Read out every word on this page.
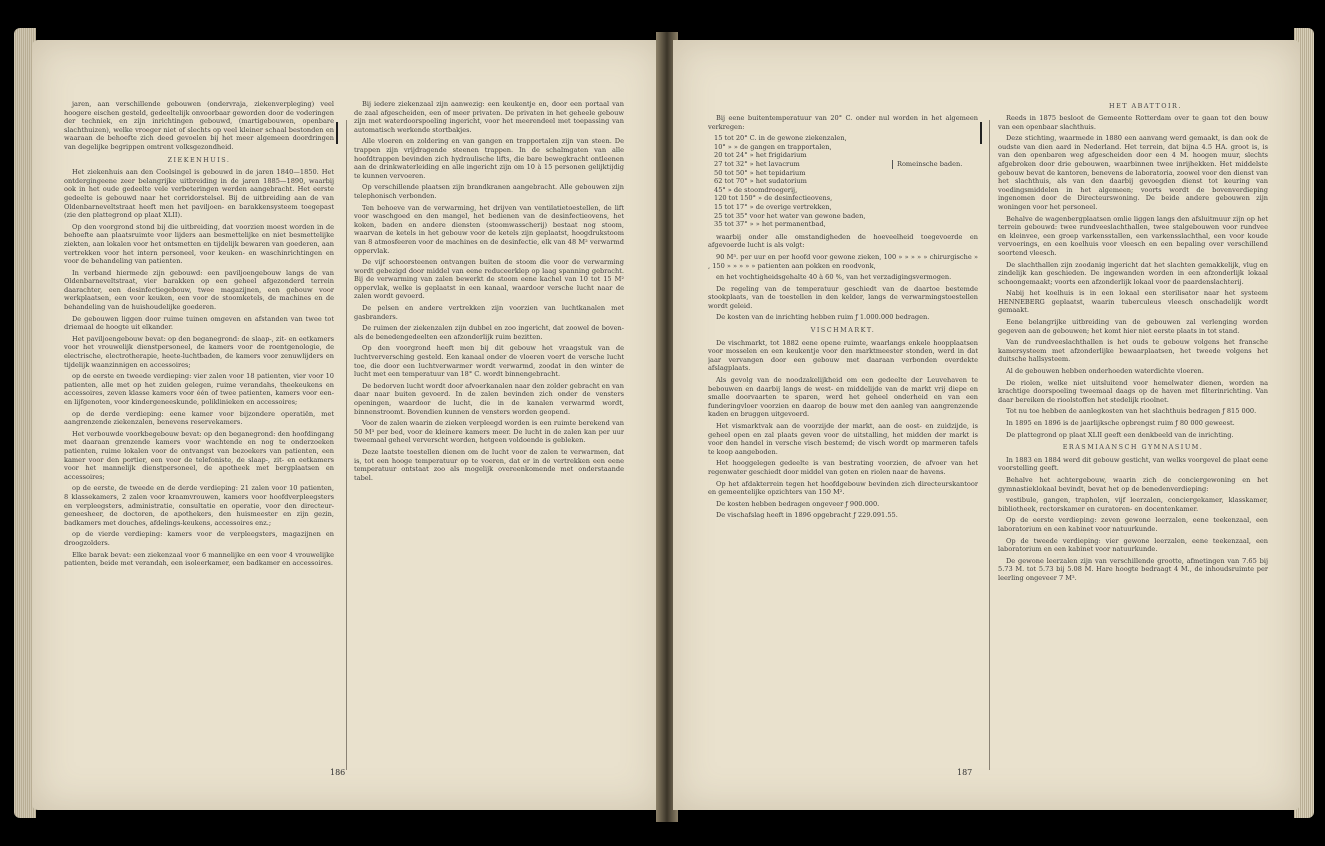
jaren, aan verschillende gebouwen (ondervraja, ziekenverpleging) veel hoogere eischen gesteld, gedeeltelijk onvoorbaar geworden door de voderingen der techniek, en zijn inrichtingen gebouwd, (martigebouwen, openbare slachthuizen), welke vroeger niet of slechts op veel kleiner schaal bestonden en waaraan de behoefte zich deed gevoelen bij het meer algemeen doordringen van degelijke begrippen omtrent volksgezondheid.

ZIEKENHUIS.

Het ziekenhuis aan den Coolsingel is gebouwd in de jaren 1840—1850. Het ontdergingeene zeer belangrijke uitbreiding in de jaren 1885—1890, waarbij ook in het oude gedeelte vele verbeteringen werden aangebracht. Het eerste gedeelte is gebouwd naar het corridorstelsel. Bij de uitbreiding aan de van Oldenbarneveltstraat heeft men het paviljoen- en barakkensysteem toegepast (zie den plattegrond op plaat XLII).

Op den voorgrond stond bij die uitbreiding, dat voorzien moest worden in de behoefte aan plaatsruimte voor lijders aan besmettelijke en niet besmettelijke ziekten, aan lokalen voor het ontsmetten en tijdelijk bewaren van goederen, aan vertrekken voor het intern personeel, voor keuken- en waschinrichtingen en voor de behandeling van patienten.

In verband hiermede zijn gebouwd: een paviljoengebouw langs de van Oldenbarneveltstraat, vier barakken op een geheel afgezonderd terrein daarachter, een desinfectiegebouw, twee magazijnen, een gebouw voor werkplaatsen, een voor keuken, een voor de stoomketels, de machines en de behandeling van de huishoudelijke goederen.

De gebouwen liggen door ruime tuinen omgeven en afstanden van twee tot driemaal de hoogte uit elkander.

Het paviljoengebouw bevat: op den beganegrond: de slaap-, zit- en eetkamers voor het vrouwelijk dienstpersoneel, de kamers voor de roentgenologie, de electrische, electrotherapie, heete-luchtbaden, de kamers voor zenuwlijders en tijdelijk waanzinnigen en accessoires;

op de eerste en tweede verdieping: vier zalen voor 18 patienten, vier voor 10 patienten, alle met op het zuiden gelegen, ruime verandahs, theekeukens en accessoires, zeven klasse kamers voor één of twee patienten, kamers voor een- en lijfgenoten, voor kindergeneeskunde, poliklinieken en accessoires;

op de derde verdieping: eene kamer voor bijzondere operatiën, met aangrenzende ziekenzalen, benevens reservekamers.

Het verbouwde voorkbegebouw bevat: op den beganegrond: den hoofdingang met daaraan grenzende kamers voor wachtende en nog te onderzoeken patienten, ruime lokalen voor de ontvangst van bezoekers van patienten, een kamer voor den portier, een voor de telefoniste, de slaap-, zit- en eetkamers voor het mannelijk dienstpersoneel, de apotheek met bergplaatsen en accessoires;

op de eerste, de tweede en de derde verdieping: 21 zalen voor 10 patienten, 8 klassekamers, 2 zalen voor kraamvrouwen, kamers voor hoofdverpleegsters en verpleegsters, administratie, consultatie en operatie, voor den directeur-geneesheer, de doctoren, de apothekers, den huismeester en zijn gezin, badkamers met douches, afdelings-keukens, accessoires enz.;

op de vierde verdieping: kamers voor de verpleegsters, magazijnen en droogzolders.

Elke barak bevat: een ziekenzaal voor 6 mannelijke en een voor 4 vrouwelijke patienten, beide met verandah, een isoleerkamer, een badkamer en accessoires.

Bij iedere ziekenzaal zijn aanwezig: een keukentje en, door een portaal van de zaal afgescheiden, een of meer privaten. De privaten in het geheele gebouw zijn met waterdoorspoeling ingericht, voor het meerendeel met toepassing van automatisch werkende stortbakjes.

Alle vloeren en zoldering en van gangen en trapportalen zijn van steen. De trappen zijn vrijdragende steenen trappen. In de schalmgaten van alle hoofdtrappen bevinden zich hydraulische lifts, die bare bewegkracht ontleenen aan de drinkwaterleiding en alle ingericht zijn om 10 à 15 personen gelijktijdig te kunnen vervoeren.

Op verschillende plaatsen zijn brandkranen aangebracht. Alle gebouwen zijn telephonisch verbonden.

Ten behoeve van de verwarming, het drijven van ventilatietoestellen, de lift voor waschgoed en den mangel, het bedienen van de desinfectieovens, het koken, baden en andere diensten (stoomwasscherij) bestaat nog stoom, waarvan de ketels in het gebouw voor de ketels zijn geplaatst, hoogdrukstoom van 8 atmosfeeren voor de machines en de desinfectie, elk van 48 M² verwarmd oppervlak.

De vijf schoorsteenen ontvangen buiten de stoom die voor de verwarming wordt gebezigd door middel van eene reduceerklep op laag spanning gebracht. Bij de verwarming van zalen bewerkt de stoom eene kachel van 10 tot 15 M² oppervlak, welke is geplaatst in een kanaal, waardoor versche lucht naar de zalen wordt gevoerd.

De pelsen en andere vertrekken zijn voorzien van luchtkanalen met gasbranders.

De ruimen der ziekenzalen zijn dubbel en zoo ingericht, dat zoowel de boven- als de benedengedeelten een afzonderlijk ruim bezitten.

Op den voorgrond heeft men bij dit gebouw het vraagstuk van de luchtverversching gesteld. Een kanaal onder de vloeren voert de versche lucht toe, die door een luchtverwarmer wordt verwarmd, zoodat in den winter de lucht met een temperatuur van 18° C. wordt binnengebracht.

De bedorven lucht wordt door afvoerkanalen naar den zolder gebracht en van daar naar buiten gevoerd. In de zalen bevinden zich onder de vensters openingen, waardoor de lucht, die in de kanalen verwarmd wordt, binnenstroomt. Bovendien kunnen de vensters worden geopend.

Voor de zalen waarin de zieken verpleegd worden is een ruimte berekend van 50 M³ per bed, voor de kleinere kamers meer. De lucht in de zalen kan per uur tweemaal geheel ververscht worden, hetgeen voldoende is gebleken.

Deze laatste toestellen dienen om de lucht voor de zalen te verwarmen, dat is, tot een hooge temperatuur op te voeren, dat er in de vertrekken een eene temperatuur ontstaat zoo als mogelijk overeenkomende met onderstaande tabel.

186
HET ABATTOIR.

Bij eene buitentemperatuur van 20° C. onder nul worden in het algemeen verkregen:

15 tot 20° C. in de gewone ziekenzalen,
10° » » de gangen en trapportalen,
20 tot 24° » het frigidarium
27 tot 32° » het lavacrum
50 tot 50° » het tepidarium
62 tot 70° » het sudatorium
45° » de stoomdroogerij,
120 tot 150° » de desinfectieovens,
15 tot 17° » de overige vertrekken,
25 tot 35° voor het water van gewone baden,
35 tot 37° » » het permanentbad,
Romeinsche baden.

waarbij onder alle omstandigheden de hoeveelheid toegevoerde en afgevoerde lucht is als volgt:

90 M³. per uur en per hoofd voor gewone zieken, 100 » » » » » chirurgische » , 150 » » » » » patienten aan pokken en roodvonk,

en het vochtigheidsgehalte 40 à 60 %, van het verzadigingsvermogen.

De regeling van de temperatuur geschiedt van de daartoe bestemde stookplaats, van de toestellen in den kelder, langs de verwarmingstoestellen wordt geleid.

De kosten van de inrichting hebben ruim ƒ 1.000.000 bedragen.

VISCHMARKT.

De vischmarkt, tot 1882 eene opene ruimte, waarlangs enkele hoopplaatsen voor mosselen en een keukentje voor den marktmeester stonden, werd in dat jaar vervangen door een gebouw met daaraan verbonden overdekte afslagplaats.

Als gevolg van de noodzakelijkheid om een gedeelte der Leuvehaven te bebouwen en daarbij langs de west- en middelijde van de markt vrij diepe en smalle doorvaarten te sparen, werd het geheel onderheid en van een funderingvloer voorzien en daarop de bouw met den aanleg van aangrenzende kaden en bruggen uitgevoerd.

Het vismarktvak aan de voorzijde der markt, aan de oost- en zuidzijde, is geheel open en zal plaats geven voor de uitstalling, het midden der markt is voor den handel in versche visch bestemd; de visch wordt op marmeren tafels te koop aangeboden.

Het hooggelegen gedeelte is van bestrating voorzien, de afvoer van het regenwater geschiedt door middel van goten en riolen naar de havens.

Op het afdakterrein tegen het hoofdgebouw bevinden zich directeurskantoor en gemeentelijke opzichters van 150 M².

De kosten hebben bedragen ongeveer ƒ 900.000.

De vischafslag heeft in 1896 opgebracht ƒ 229.091.55.

Reeds in 1875 besloot de Gemeente Rotterdam over te gaan tot den bouw van een openbaar slachthuis.

Deze stichting, waarmede in 1880 een aanvang werd gemaakt, is dan ook de oudste van dien aard in Nederland. Het terrein, dat bijna 4.5 HA. groot is, is van den openbaren weg afgescheiden door een 4 M. hoogen muur, slechts afgebroken door drie gebouwen, waarbinnen twee inrijhekken. Het middelste gebouw bevat de kantoren, benevens de laboratoria, zoowel voor den dienst van het slachthuis, als van den daarbij gevoegden dienst tot keuring van voedingsmiddelen in het algemeen; voorts wordt de bovenverdieping ingenomen door de Directeurswoning. De beide andere gebouwen zijn woningen voor het personeel.

Behalve de wagenbergplaatsen omlie liggen langs den afsluitmuur zijn op het terrein gebouwd: twee rundveeslachthallen, twee stalgebouwen voor rundvee en kleinvee, een groep varkensstallen, een varkensslachthal, een voor koude vervoerings, en een koelhuis voor vleesch en een bepaling over verschillend soortend vleesch.

De slachthallen zijn zoodanig ingericht dat het slachten gemakkelijk, vlug en zindelijk kan geschieden. De ingewanden worden in een afzonderlijk lokaal schoongemaakt; voorts een afzonderlijk lokaal voor de paardenslachterij.

Nabij het koelhuis is in een lokaal een sterilisator naar het systeem HENNEBERG geplaatst, waarin tuberculeus vleesch onschadelijk wordt gemaakt.

Eene belangrijke uitbreiding van de gebouwen zal verlenging worden gegeven aan de gebouwen; het komt hier niet eerste plaats in tot stand.

Van de rundveeslachthallen is het ouds te gebouw volgens het fransche kamersysteem met afzonderlijke bewaarplaatsen, het tweede volgens het duitsche hallsysteem.

Al de gebouwen hebben onderhoeden waterdichte vloeren.

De riolen, welke niet uitsluitend voor hemelwater dienen, worden na krachtige doorspoeling tweemaal daags op de haven met filterinrichting. Van daar bereiken de rioolstoffen het stedelijk rioolnet.

Tot nu toe hebben de aanlegkosten van het slachthuis bedragen ƒ 815 000.

In 1895 en 1896 is de jaarlijksche opbrengst ruim ƒ 80 000 geweest.

De plattegrond op plaat XLII geeft een denkbeeld van de inrichting.

ERASMIAANSCH GYMNASIUM.

In 1883 en 1884 werd dit gebouw gesticht, van welks voorgevel de plaat eene voorstelling geeft.

Behalve het achtergebouw, waarin zich de conciergewoning en het gymnastieklokaal bevindt, bevat het op de benedenverdieping:

vestibule, gangen, trapholen, vijf leerzalen, conciergekamer, klasskamer, bibliotheek, rectorskamer en curatoren- en docentenkamer.

Op de eerste verdieping: zeven gewone leerzalen, eene teekenzaal, een laboratorium en een kabinet voor natuurkunde.

Op de tweede verdieping: vier gewone leerzalen, eene teekenzaal, een laboratorium en een kabinet voor natuurkunde.

De gewone leerzalen zijn van verschillende grootte, afmetingen van 7.65 bij 5.73 M. tot 5.73 bij 5.08 M. Hare hoogte bedraagt 4 M., de inhoudsruimte per leerling ongeveer 7 M³.

187
